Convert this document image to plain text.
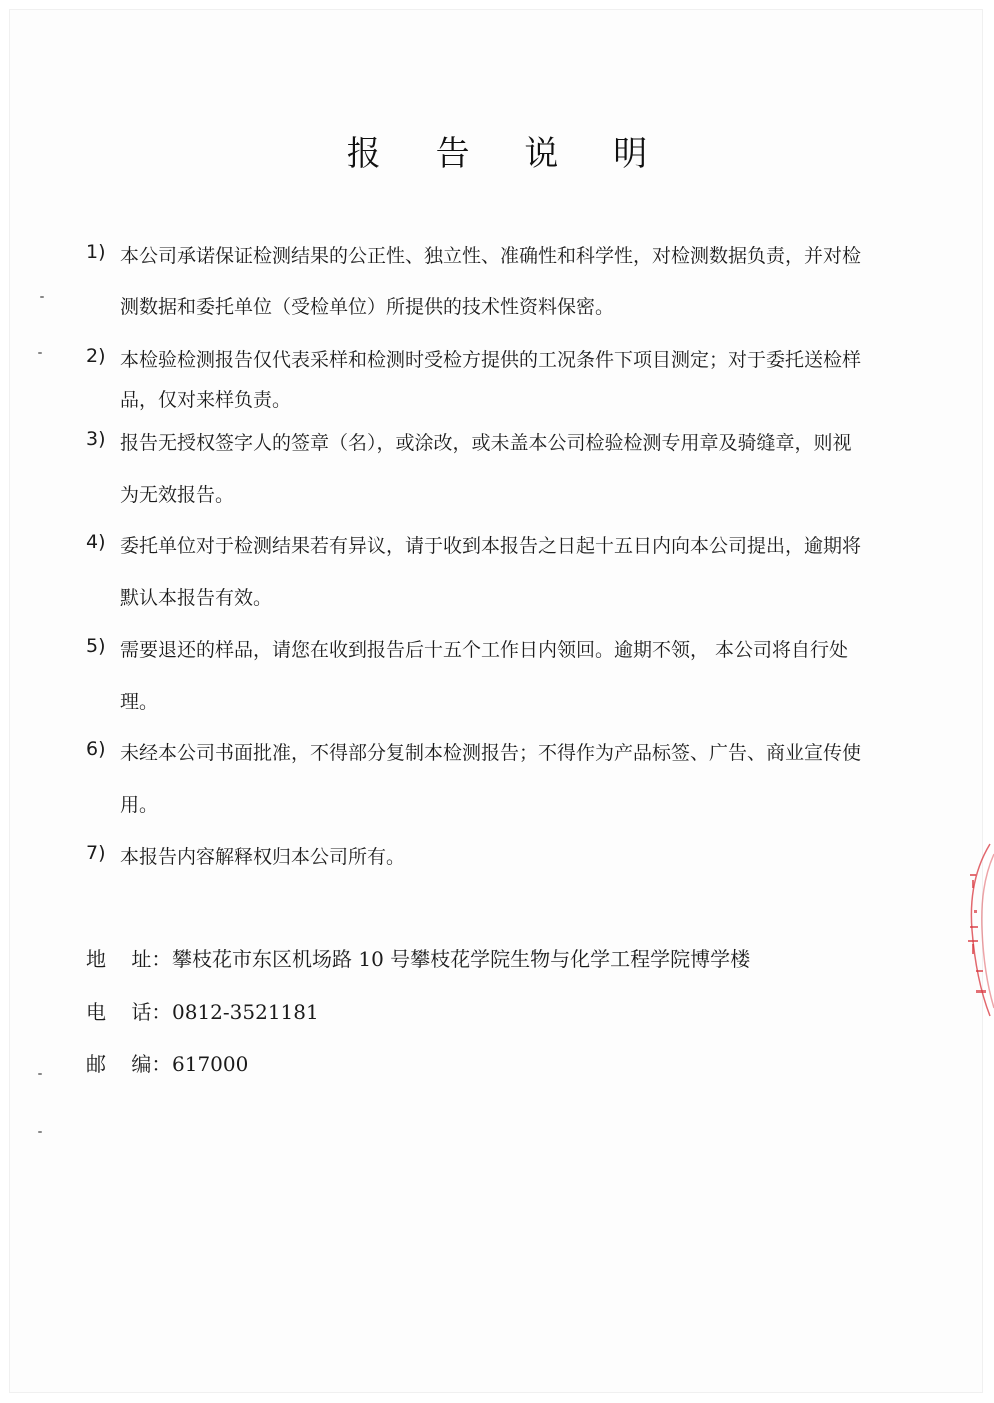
报 告 说 明
1) 本公司承诺保证检测结果的公正性、独立性、准确性和科学性，对检测数据负责，并对检
测数据和委托单位（受检单位）所提供的技术性资料保密。
2) 本检验检测报告仅代表采样和检测时受检方提供的工况条件下项目测定；对于委托送检样
品，仅对来样负责。
3) 报告无授权签字人的签章（名），或涂改，或未盖本公司检验检测专用章及骑缝章，则视
为无效报告。
4) 委托单位对于检测结果若有异议，请于收到本报告之日起十五日内向本公司提出，逾期将
默认本报告有效。
5) 需要退还的样品，请您在收到报告后十五个工作日内领回。逾期不领， 本公司将自行处
理。
6) 未经本公司书面批准，不得部分复制本检测报告；不得作为产品标签、广告、商业宣传使
用。
7) 本报告内容解释权归本公司所有。
地    址：攀枝花市东区机场路 10 号攀枝花学院生物与化学工程学院博学楼
电    话：0812-3521181
邮    编：617000
